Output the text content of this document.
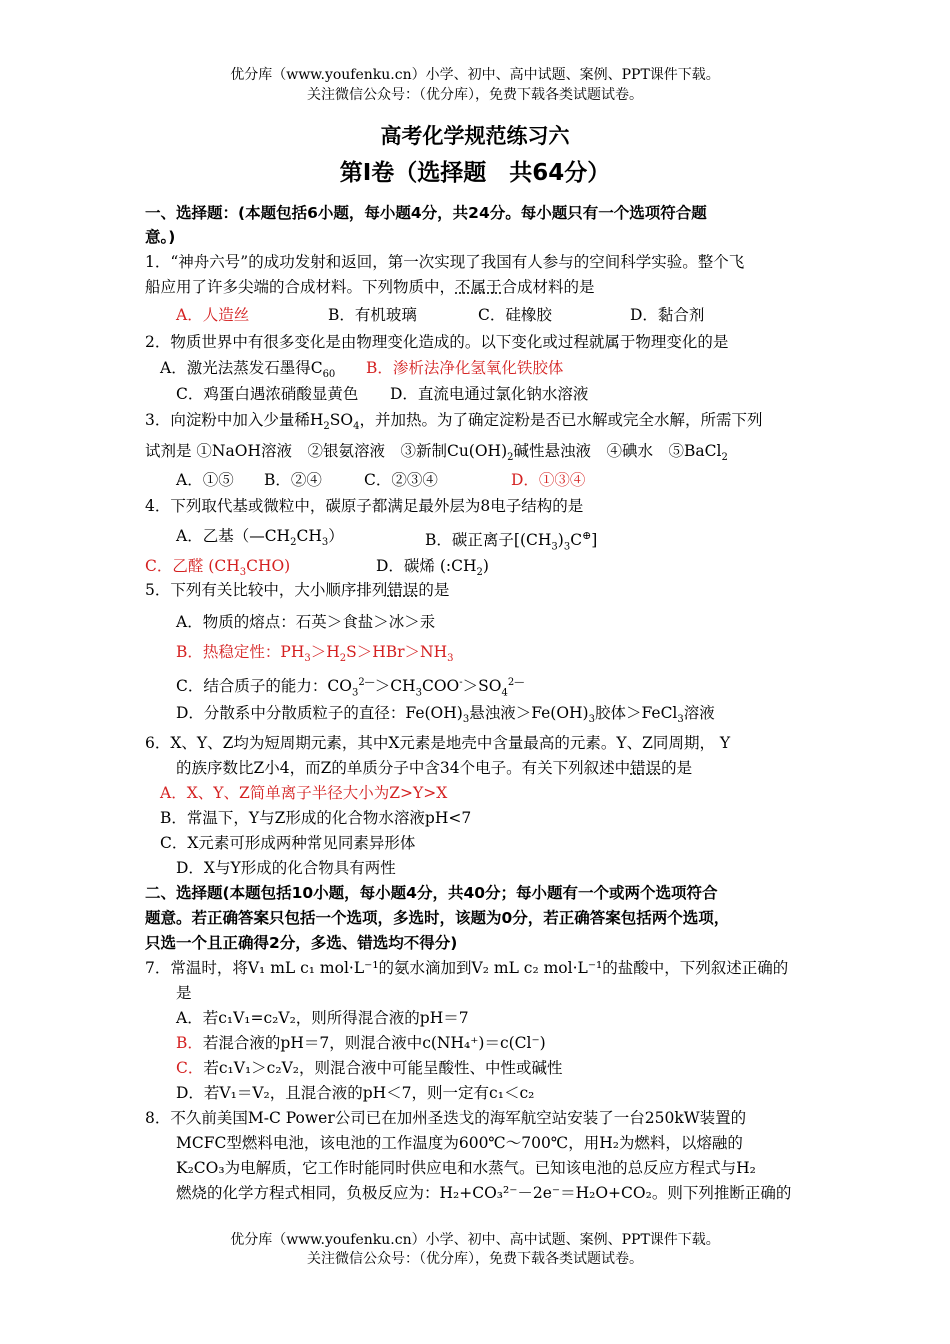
优分库（www.youfenku.cn）小学、初中、高中试题、案例、PPT课件下载。
关注微信公众号：（优分库），免费下载各类试题试卷。
高考化学规范练习六
第Ⅰ卷（选择题　共64分）
一、选择题：(本题包括6小题，每小题4分，共24分。每小题只有一个选项符合题
意。)
1．“神舟六号”的成功发射和返回，第一次实现了我国有人参与的空间科学实验。整个飞
船应用了许多尖端的合成材料。下列物质中，不属于合成材料的是
A．人造丝	B．有机玻璃	C．硅橡胶	D．黏合剂
2．物质世界中有很多变化是由物理变化造成的。以下变化或过程就属于物理变化的是
A．激光法蒸发石墨得$C_{60}$ B．渗析法净化氢氧化铁胶体
C．鸡蛋白遇浓硝酸显黄色 D．直流电通过氯化钠水溶液
3．向淀粉中加入少量稀$H_2SO_4$，并加热。为了确定淀粉是否已水解或完全水解，所需下列
试剂是 ①NaOH溶液　②银氨溶液　③新制$Cu(OH)_2$碱性悬浊液　④碘水　⑤BaCl$_2$
A．①⑤ B．②④	C．②③④	D．①③④
4．下列取代基或微粒中，碳原子都满足最外层为8电子结构的是
A．乙基$(—CH_2CH_3)$	B．碳正离子$[(CH_3)_3C^\oplus]$
C．乙醛 $(CH_3CHO)$	D．碳烯 $(:CH_2)$
5．下列有关比较中，大小顺序排列错误的是
A．物质的熔点：石英＞食盐＞冰＞汞
B．热稳定性：$PH_3>H_2S>HBr>NH_3$
C．结合质子的能力：$CO_3^{2—}>CH_3COO^->SO_4^{2—}$
D．分散系中分散质粒子的直径：$Fe(OH)_3$悬浊液$>Fe(OH)_3$胶体＞FeCl$_3$溶液
6．X、Y、Z均为短周期元素，其中X元素是地壳中含量最高的元素。Y、Z同周期， Y
的族序数比Z小4，而Z的单质分子中含34个电子。有关下列叙述中错误的是
A．X、Y、Z简单离子半径大小为Z>Y>X
B．常温下，Y与Z形成的化合物水溶液pH<7
C．X元素可形成两种常见同素异形体
D．X与Y形成的化合物具有两性
二、选择题(本题包括10小题，每小题4分，共40分；每小题有一个或两个选项符合
题意。若正确答案只包括一个选项，多选时，该题为0分，若正确答案包括两个选项，
只选一个且正确得2分，多选、错选均不得分)
7．常温时，将V₁ mL c₁ mol·L⁻¹的氨水滴加到V₂ mL c₂ mol·L⁻¹的盐酸中，下列叙述正确的
是
A．若c₁V₁=c₂V₂，则所得混合液的pH＝7
B．若混合液的pH＝7，则混合液中c(NH₄⁺)＝c(Cl⁻)
C．若c₁V₁＞c₂V₂，则混合液中可能呈酸性、中性或碱性
D．若V₁＝V₂，且混合液的pH＜7，则一定有c₁＜c₂
8．不久前美国M-C Power公司已在加州圣迭戈的海军航空站安装了一台250kW装置的
MCFC型燃料电池，该电池的工作温度为600℃～700℃，用H₂为燃料，以熔融的
K₂CO₃为电解质，它工作时能同时供应电和水蒸气。已知该电池的总反应方程式与H₂
燃烧的化学方程式相同，负极反应为：H₂+CO₃²⁻－2e⁻＝H₂O+CO₂。则下列推断正确的
优分库（www.youfenku.cn）小学、初中、高中试题、案例、PPT课件下载。
关注微信公众号：（优分库），免费下载各类试题试卷。
